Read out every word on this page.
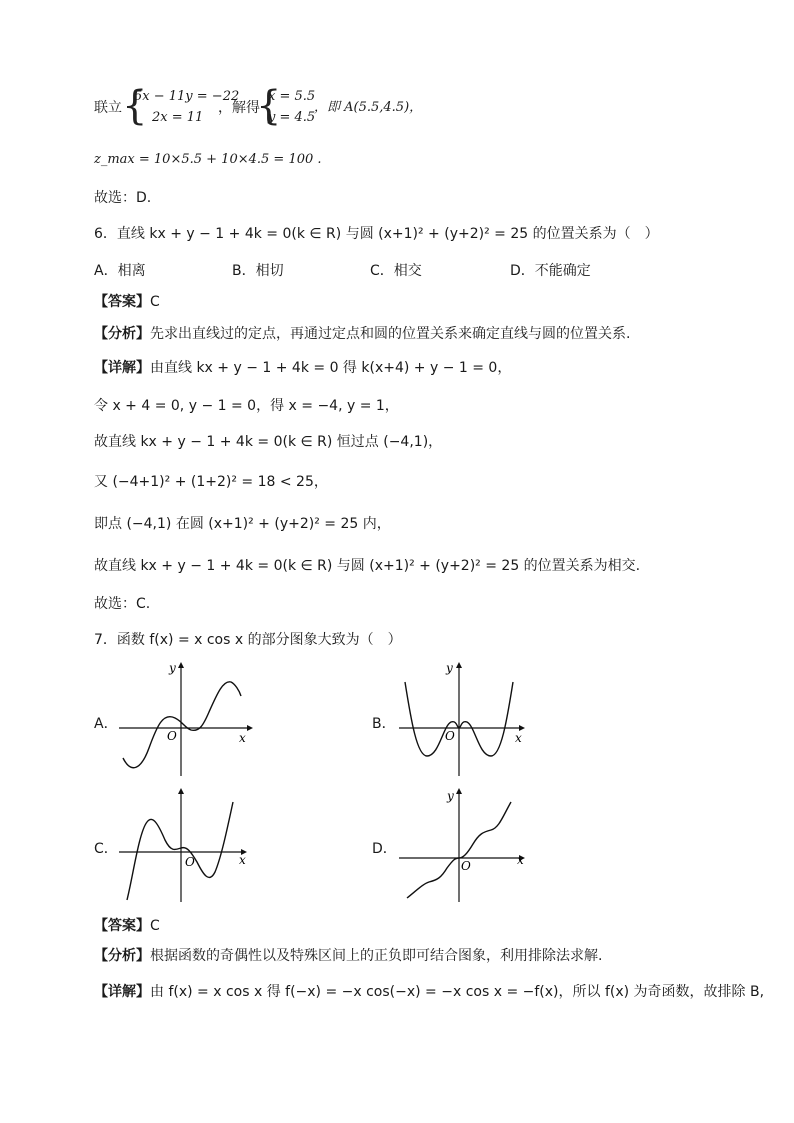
联立 {
5x − 11y = −22
2x = 11
，解得
{
x = 5.5
y = 4.5
，即 A(5.5,4.5)，
z_max = 10×5.5 + 10×4.5 = 100 .
故选：D.
6．直线 kx + y − 1 + 4k = 0(k ∈ R) 与圆 (x+1)² + (y+2)² = 25 的位置关系为（　）
A．相离	B．相切	C．相交	D．不能确定
【答案】C
【分析】先求出直线过的定点，再通过定点和圆的位置关系来确定直线与圆的位置关系.
【详解】由直线 kx + y − 1 + 4k = 0 得 k(x+4) + y − 1 = 0，
令 x + 4 = 0, y − 1 = 0，得 x = −4, y = 1，
故直线 kx + y − 1 + 4k = 0(k ∈ R) 恒过点 (−4,1)，
又 (−4+1)² + (1+2)² = 18 < 25，
即点 (−4,1) 在圆 (x+1)² + (y+2)² = 25 内，
故直线 kx + y − 1 + 4k = 0(k ∈ R) 与圆 (x+1)² + (y+2)² = 25 的位置关系为相交.
故选：C.
7．函数 f(x) = x cos x 的部分图象大致为（　）
A．
x
y
O
B．
x
y
O
C．
x
O
D．
x
y
O
【答案】C
【分析】根据函数的奇偶性以及特殊区间上的正负即可结合图象，利用排除法求解.
【详解】由 f(x) = x cos x 得 f(−x) = −x cos(−x) = −x cos x = −f(x)，所以 f(x) 为奇函数，故排除 B,
